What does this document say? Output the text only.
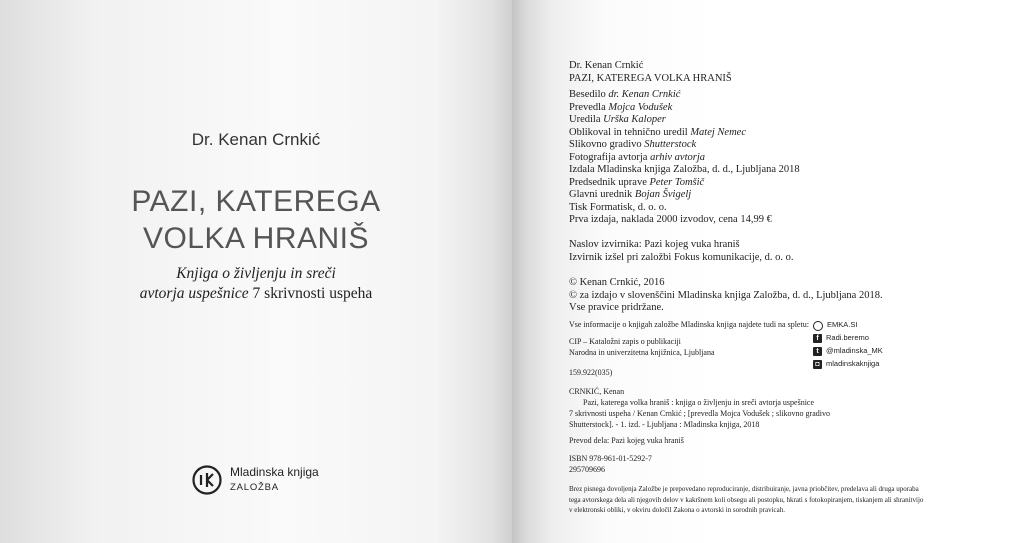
Dr. Kenan Crnkić
PAZI, KATEREGA
VOLKA HRANIŠ
Knjiga o življenju in sreči
avtorja uspešnice 7 skrivnosti uspeha
Mladinska knjiga
ZALOŽBA
Dr. Kenan Crnkić
PAZI, KATEREGA VOLKA HRANIŠ
Besedilo dr. Kenan Crnkić
Prevedla Mojca Vodušek
Uredila Urška Kaloper
Oblikoval in tehnično uredil Matej Nemec
Slikovno gradivo Shutterstock
Fotografija avtorja arhiv avtorja
Izdala Mladinska knjiga Založba, d. d., Ljubljana 2018
Predsednik uprave Peter Tomšič
Glavni urednik Bojan Švigelj
Tisk Formatisk, d. o. o.
Prva izdaja, naklada 2000 izvodov, cena 14,99 €
Naslov izvirnika: Pazi kojeg vuka hraniš
Izvirnik izšel pri založbi Fokus komunikacije, d. o. o.
© Kenan Crnkić, 2016
© za izdajo v slovenščini Mladinska knjiga Založba, d. d., Ljubljana 2018.
Vse pravice pridržane.
Vse informacije o knjigah založbe Mladinska knjiga najdete tudi na spletu:
CIP – Kataložni zapis o publikaciji
Narodna in univerzitetna knjižnica, Ljubljana
EMKA.SI
f Radi.beremo
t @mladinska_MK
◘ mladinskaknjiga
159.922(035)
CRNKIĆ, Kenan
Pazi, katerega volka hraniš : knjiga o življenju in sreči avtorja uspešnice
7 skrivnosti uspeha / Kenan Crnkić ; [prevedla Mojca Vodušek ; slikovno gradivo
Shutterstock]. - 1. izd. - Ljubljana : Mladinska knjiga, 2018
Prevod dela: Pazi kojeg vuka hraniš
ISBN 978-961-01-5292-7
295709696
Brez pisnega dovoljenja Založbe je prepovedano reproduciranje, distribuiranje, javna priobčitev, predelava ali druga uporaba
tega avtorskega dela ali njegovih delov v kakršnem koli obsegu ali postopku, hkrati s fotokopiranjem, tiskanjem ali shranitvijo
v elektronski obliki, v okviru določil Zakona o avtorski in sorodnih pravicah.
